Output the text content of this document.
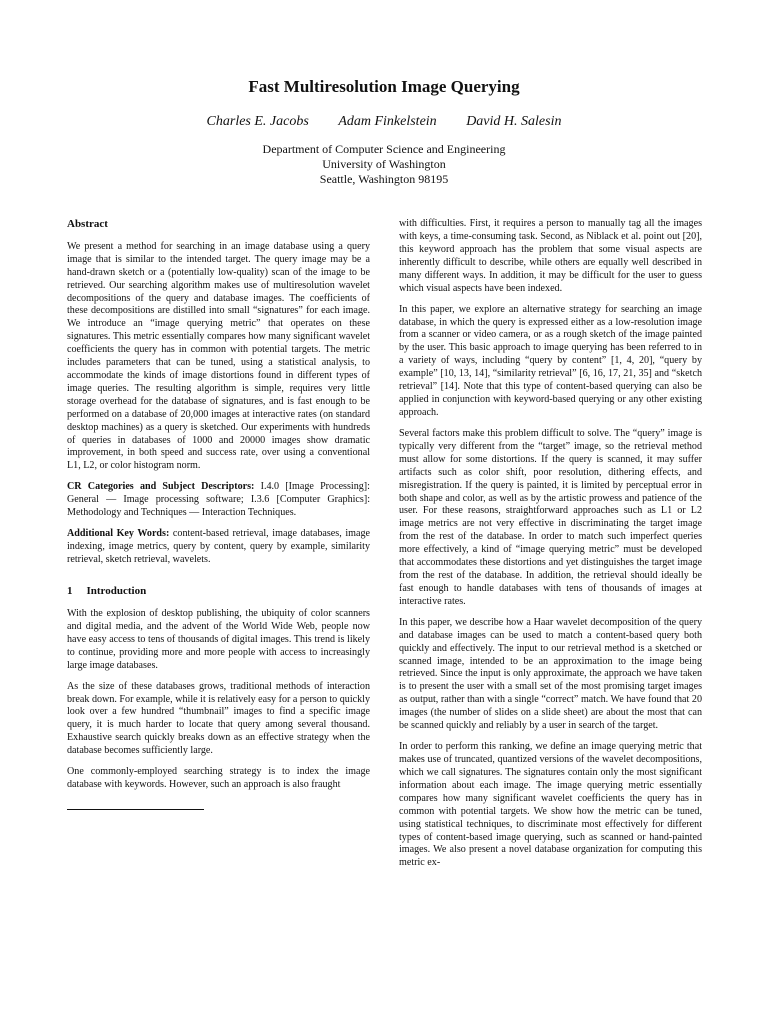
Fast Multiresolution Image Querying
Charles E. Jacobs Adam Finkelstein David H. Salesin
Department of Computer Science and Engineering
University of Washington
Seattle, Washington 98195
Abstract

We present a method for searching in an image database using a query image that is similar to the intended target. The query image may be a hand-drawn sketch or a (potentially low-quality) scan of the image to be retrieved. Our searching algorithm makes use of multiresolution wavelet decompositions of the query and database images. The coefficients of these decompositions are distilled into small “signatures” for each image. We introduce an “image querying metric” that operates on these signatures. This metric essentially compares how many significant wavelet coefficients the query has in common with potential targets. The metric includes parameters that can be tuned, using a statistical analysis, to accommodate the kinds of image distortions found in different types of image queries. The resulting algorithm is simple, requires very little storage overhead for the database of signatures, and is fast enough to be performed on a database of 20,000 images at interactive rates (on standard desktop machines) as a query is sketched. Our experiments with hundreds of queries in databases of 1000 and 20000 images show dramatic improvement, in both speed and success rate, over using a conventional L1, L2, or color histogram norm.

CR Categories and Subject Descriptors: I.4.0 [Image Processing]: General — Image processing software; I.3.6 [Computer Graphics]: Methodology and Techniques — Interaction Techniques.

Additional Key Words: content-based retrieval, image databases, image indexing, image metrics, query by content, query by example, similarity retrieval, sketch retrieval, wavelets.

1 Introduction

With the explosion of desktop publishing, the ubiquity of color scanners and digital media, and the advent of the World Wide Web, people now have easy access to tens of thousands of digital images. This trend is likely to continue, providing more and more people with access to increasingly large image databases.

As the size of these databases grows, traditional methods of interaction break down. For example, while it is relatively easy for a person to quickly look over a few hundred “thumbnail” images to find a specific image query, it is much harder to locate that query among several thousand. Exhaustive search quickly breaks down as an effective strategy when the database becomes sufficiently large.

One commonly-employed searching strategy is to index the image database with keywords. However, such an approach is also fraught

with difficulties. First, it requires a person to manually tag all the images with keys, a time-consuming task. Second, as Niblack et al. point out [20], this keyword approach has the problem that some visual aspects are inherently difficult to describe, while others are equally well described in many different ways. In addition, it may be difficult for the user to guess which visual aspects have been indexed.

In this paper, we explore an alternative strategy for searching an image database, in which the query is expressed either as a low-resolution image from a scanner or video camera, or as a rough sketch of the image painted by the user. This basic approach to image querying has been referred to in a variety of ways, including “query by content” [1, 4, 20], “query by example” [10, 13, 14], “similarity retrieval” [6, 16, 17, 21, 35] and “sketch retrieval” [14]. Note that this type of content-based querying can also be applied in conjunction with keyword-based querying or any other existing approach.

Several factors make this problem difficult to solve. The “query” image is typically very different from the “target” image, so the retrieval method must allow for some distortions. If the query is scanned, it may suffer artifacts such as color shift, poor resolution, dithering effects, and misregistration. If the query is painted, it is limited by perceptual error in both shape and color, as well as by the artistic prowess and patience of the user. For these reasons, straightforward approaches such as L1 or L2 image metrics are not very effective in discriminating the target image from the rest of the database. In order to match such imperfect queries more effectively, a kind of “image querying metric” must be developed that accommodates these distortions and yet distinguishes the target image from the rest of the database. In addition, the retrieval should ideally be fast enough to handle databases with tens of thousands of images at interactive rates.

In this paper, we describe how a Haar wavelet decomposition of the query and database images can be used to match a content-based query both quickly and effectively. The input to our retrieval method is a sketched or scanned image, intended to be an approximation to the image being retrieved. Since the input is only approximate, the approach we have taken is to present the user with a small set of the most promising target images as output, rather than with a single “correct” match. We have found that 20 images (the number of slides on a slide sheet) are about the most that can be scanned quickly and reliably by a user in search of the target.

In order to perform this ranking, we define an image querying metric that makes use of truncated, quantized versions of the wavelet decompositions, which we call signatures. The signatures contain only the most significant information about each image. The image querying metric essentially compares how many significant wavelet coefficients the query has in common with potential targets. We show how the metric can be tuned, using statistical techniques, to discriminate most effectively for different types of content-based image querying, such as scanned or hand-painted images. We also present a novel database organization for computing this metric ex-
